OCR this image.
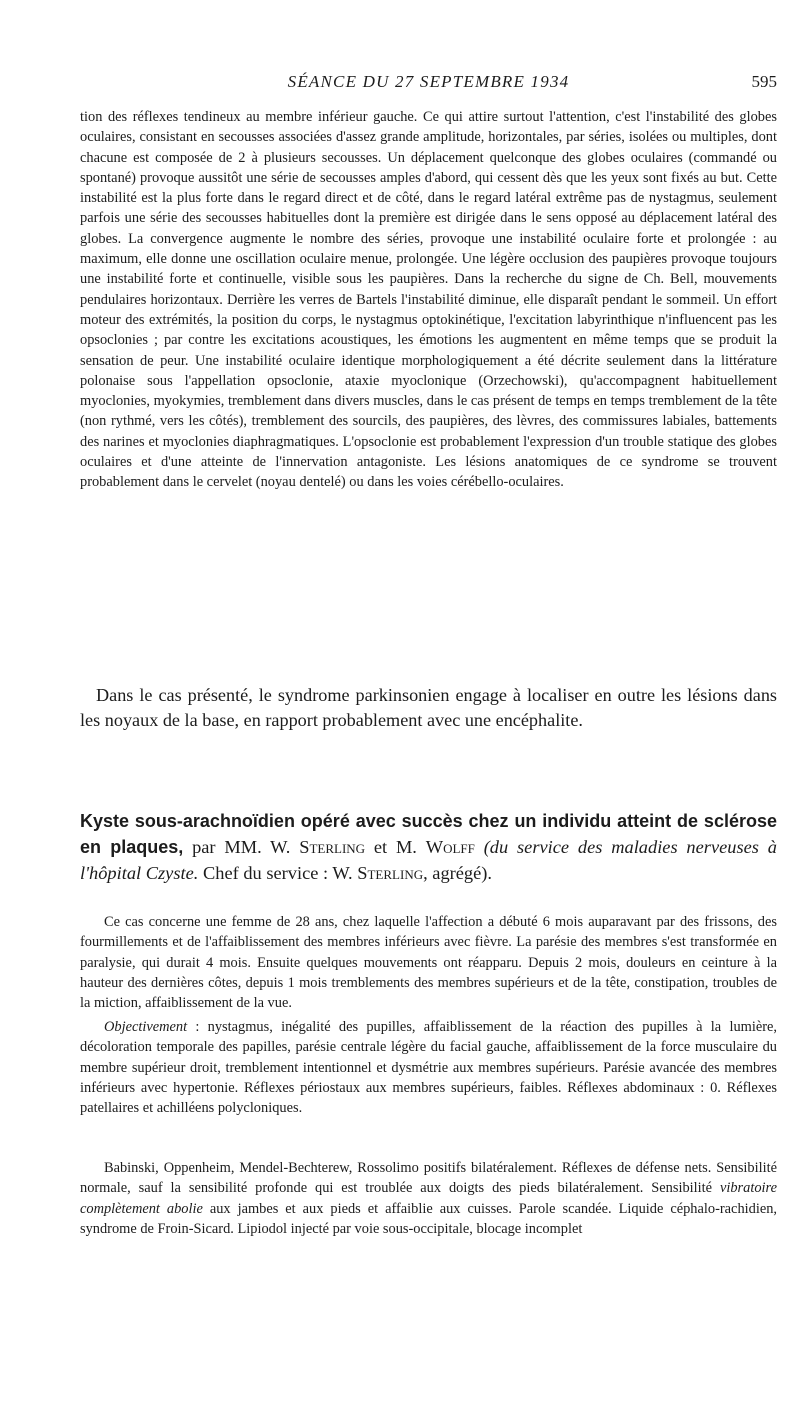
SÉANCE DU 27 SEPTEMBRE 1934	595

tion des réflexes tendineux au membre inférieur gauche. Ce qui attire surtout l'attention, c'est l'instabilité des globes oculaires, consistant en secousses associées d'assez grande amplitude, horizontales, par séries, isolées ou multiples, dont chacune est composée de 2 à plusieurs secousses. Un déplacement quelconque des globes oculaires (commandé ou spontané) provoque aussitôt une série de secousses amples d'abord, qui cessent dès que les yeux sont fixés au but. Cette instabilité est la plus forte dans le regard direct et de côté, dans le regard latéral extrême pas de nystagmus, seulement parfois une série des secousses habituelles dont la première est dirigée dans le sens opposé au déplacement latéral des globes. La convergence augmente le nombre des séries, provoque une instabilité oculaire forte et prolongée : au maximum, elle donne une oscillation oculaire menue, prolongée. Une légère occlusion des paupières provoque toujours une instabilité forte et continuelle, visible sous les paupières. Dans la recherche du signe de Ch. Bell, mouvements pendulaires horizontaux. Derrière les verres de Bartels l'instabilité diminue, elle disparaît pendant le sommeil. Un effort moteur des extrémités, la position du corps, le nystagmus optokinétique, l'excitation labyrinthique n'influencent pas les opsoclonies ; par contre les excitations acoustiques, les émotions les augmentent en même temps que se produit la sensation de peur. Une instabilité oculaire identique morphologiquement a été décrite seulement dans la littérature polonaise sous l'appellation opsoclonie, ataxie myoclonique (Orzechowski), qu'accompagnent habituellement myoclonies, myokymies, tremblement dans divers muscles, dans le cas présent de temps en temps tremblement de la tête (non rythmé, vers les côtés), tremblement des sourcils, des paupières, des lèvres, des commissures labiales, battements des narines et myoclonies diaphragmatiques. L'opsoclonie est probablement l'expression d'un trouble statique des globes oculaires et d'une atteinte de l'innervation antagoniste. Les lésions anatomiques de ce syndrome se trouvent probablement dans le cervelet (noyau dentelé) ou dans les voies cérébello-oculaires.

Dans le cas présenté, le syndrome parkinsonien engage à localiser en outre les lésions dans les noyaux de la base, en rapport probablement avec une encéphalite.

Kyste sous-arachnoïdien opéré avec succès chez un individu atteint de sclérose en plaques, par MM. W. Sterling et M. Wolff (du service des maladies nerveuses à l'hôpital Czyste. Chef du service : W. Sterling, agrégé).

Ce cas concerne une femme de 28 ans, chez laquelle l'affection a débuté 6 mois auparavant par des frissons, des fourmillements et de l'affaiblissement des membres inférieurs avec fièvre. La parésie des membres s'est transformée en paralysie, qui durait 4 mois. Ensuite quelques mouvements ont réapparu. Depuis 2 mois, douleurs en ceinture à la hauteur des dernières côtes, depuis 1 mois tremblements des membres supérieurs et de la tête, constipation, troubles de la miction, affaiblissement de la vue.

Objectivement : nystagmus, inégalité des pupilles, affaiblissement de la réaction des pupilles à la lumière, décoloration temporale des papilles, parésie centrale légère du facial gauche, affaiblissement de la force musculaire du membre supérieur droit, tremblement intentionnel et dysmétrie aux membres supérieurs. Parésie avancée des membres inférieurs avec hypertonie. Réflexes périostaux aux membres supérieurs, faibles. Réflexes abdominaux : 0. Réflexes patellaires et achilléens polycloniques.

Babinski, Oppenheim, Mendel-Bechterew, Rossolimo positifs bilatéralement. Réflexes de défense nets. Sensibilité normale, sauf la sensibilité profonde qui est troublée aux doigts des pieds bilatéralement. Sensibilité vibratoire complètement abolie aux jambes et aux pieds et affaiblie aux cuisses. Parole scandée. Liquide céphalo-rachidien, syndrome de Froin-Sicard. Lipiodol injecté par voie sous-occipitale, blocage incomplet
